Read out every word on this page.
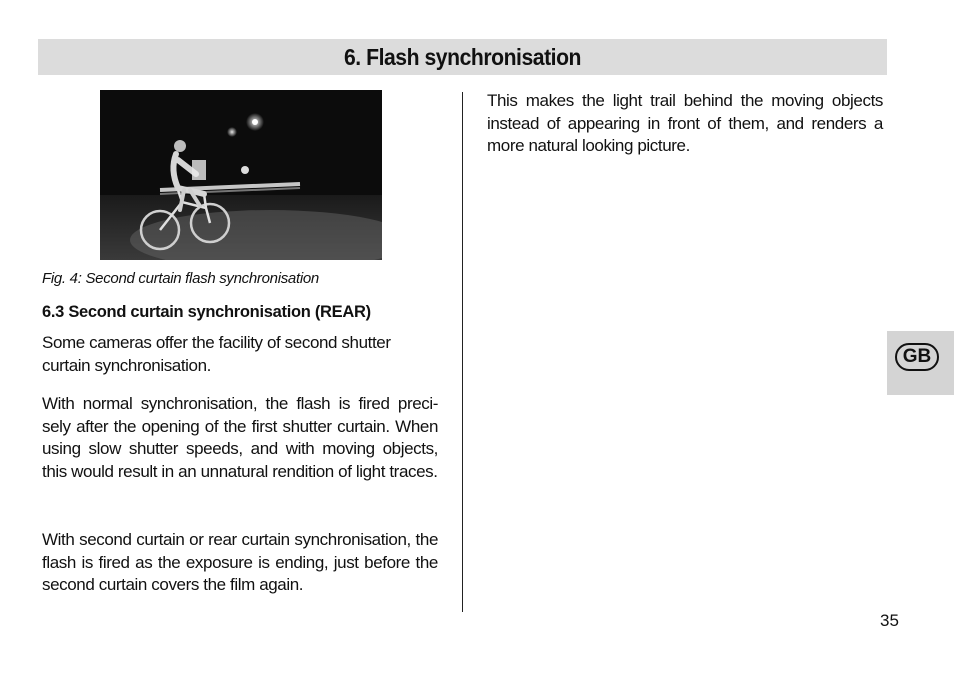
6. Flash synchronisation
Fig. 4: Second curtain flash synchronisation
6.3 Second curtain synchronisation (REAR)

Some cameras offer the facility of second shutter curtain synchronisation.

With normal synchronisation, the flash is fired preci-sely after the opening of the first shutter curtain. When using slow shutter speeds, and with moving objects, this would result in an unnatural rendition of light traces.

With second curtain or rear curtain synchronisation, the flash is fired as the exposure is ending, just before the second curtain covers the film again.

This makes the light trail behind the moving objects instead of appearing in front of them, and renders a more natural looking picture.

GB
35
